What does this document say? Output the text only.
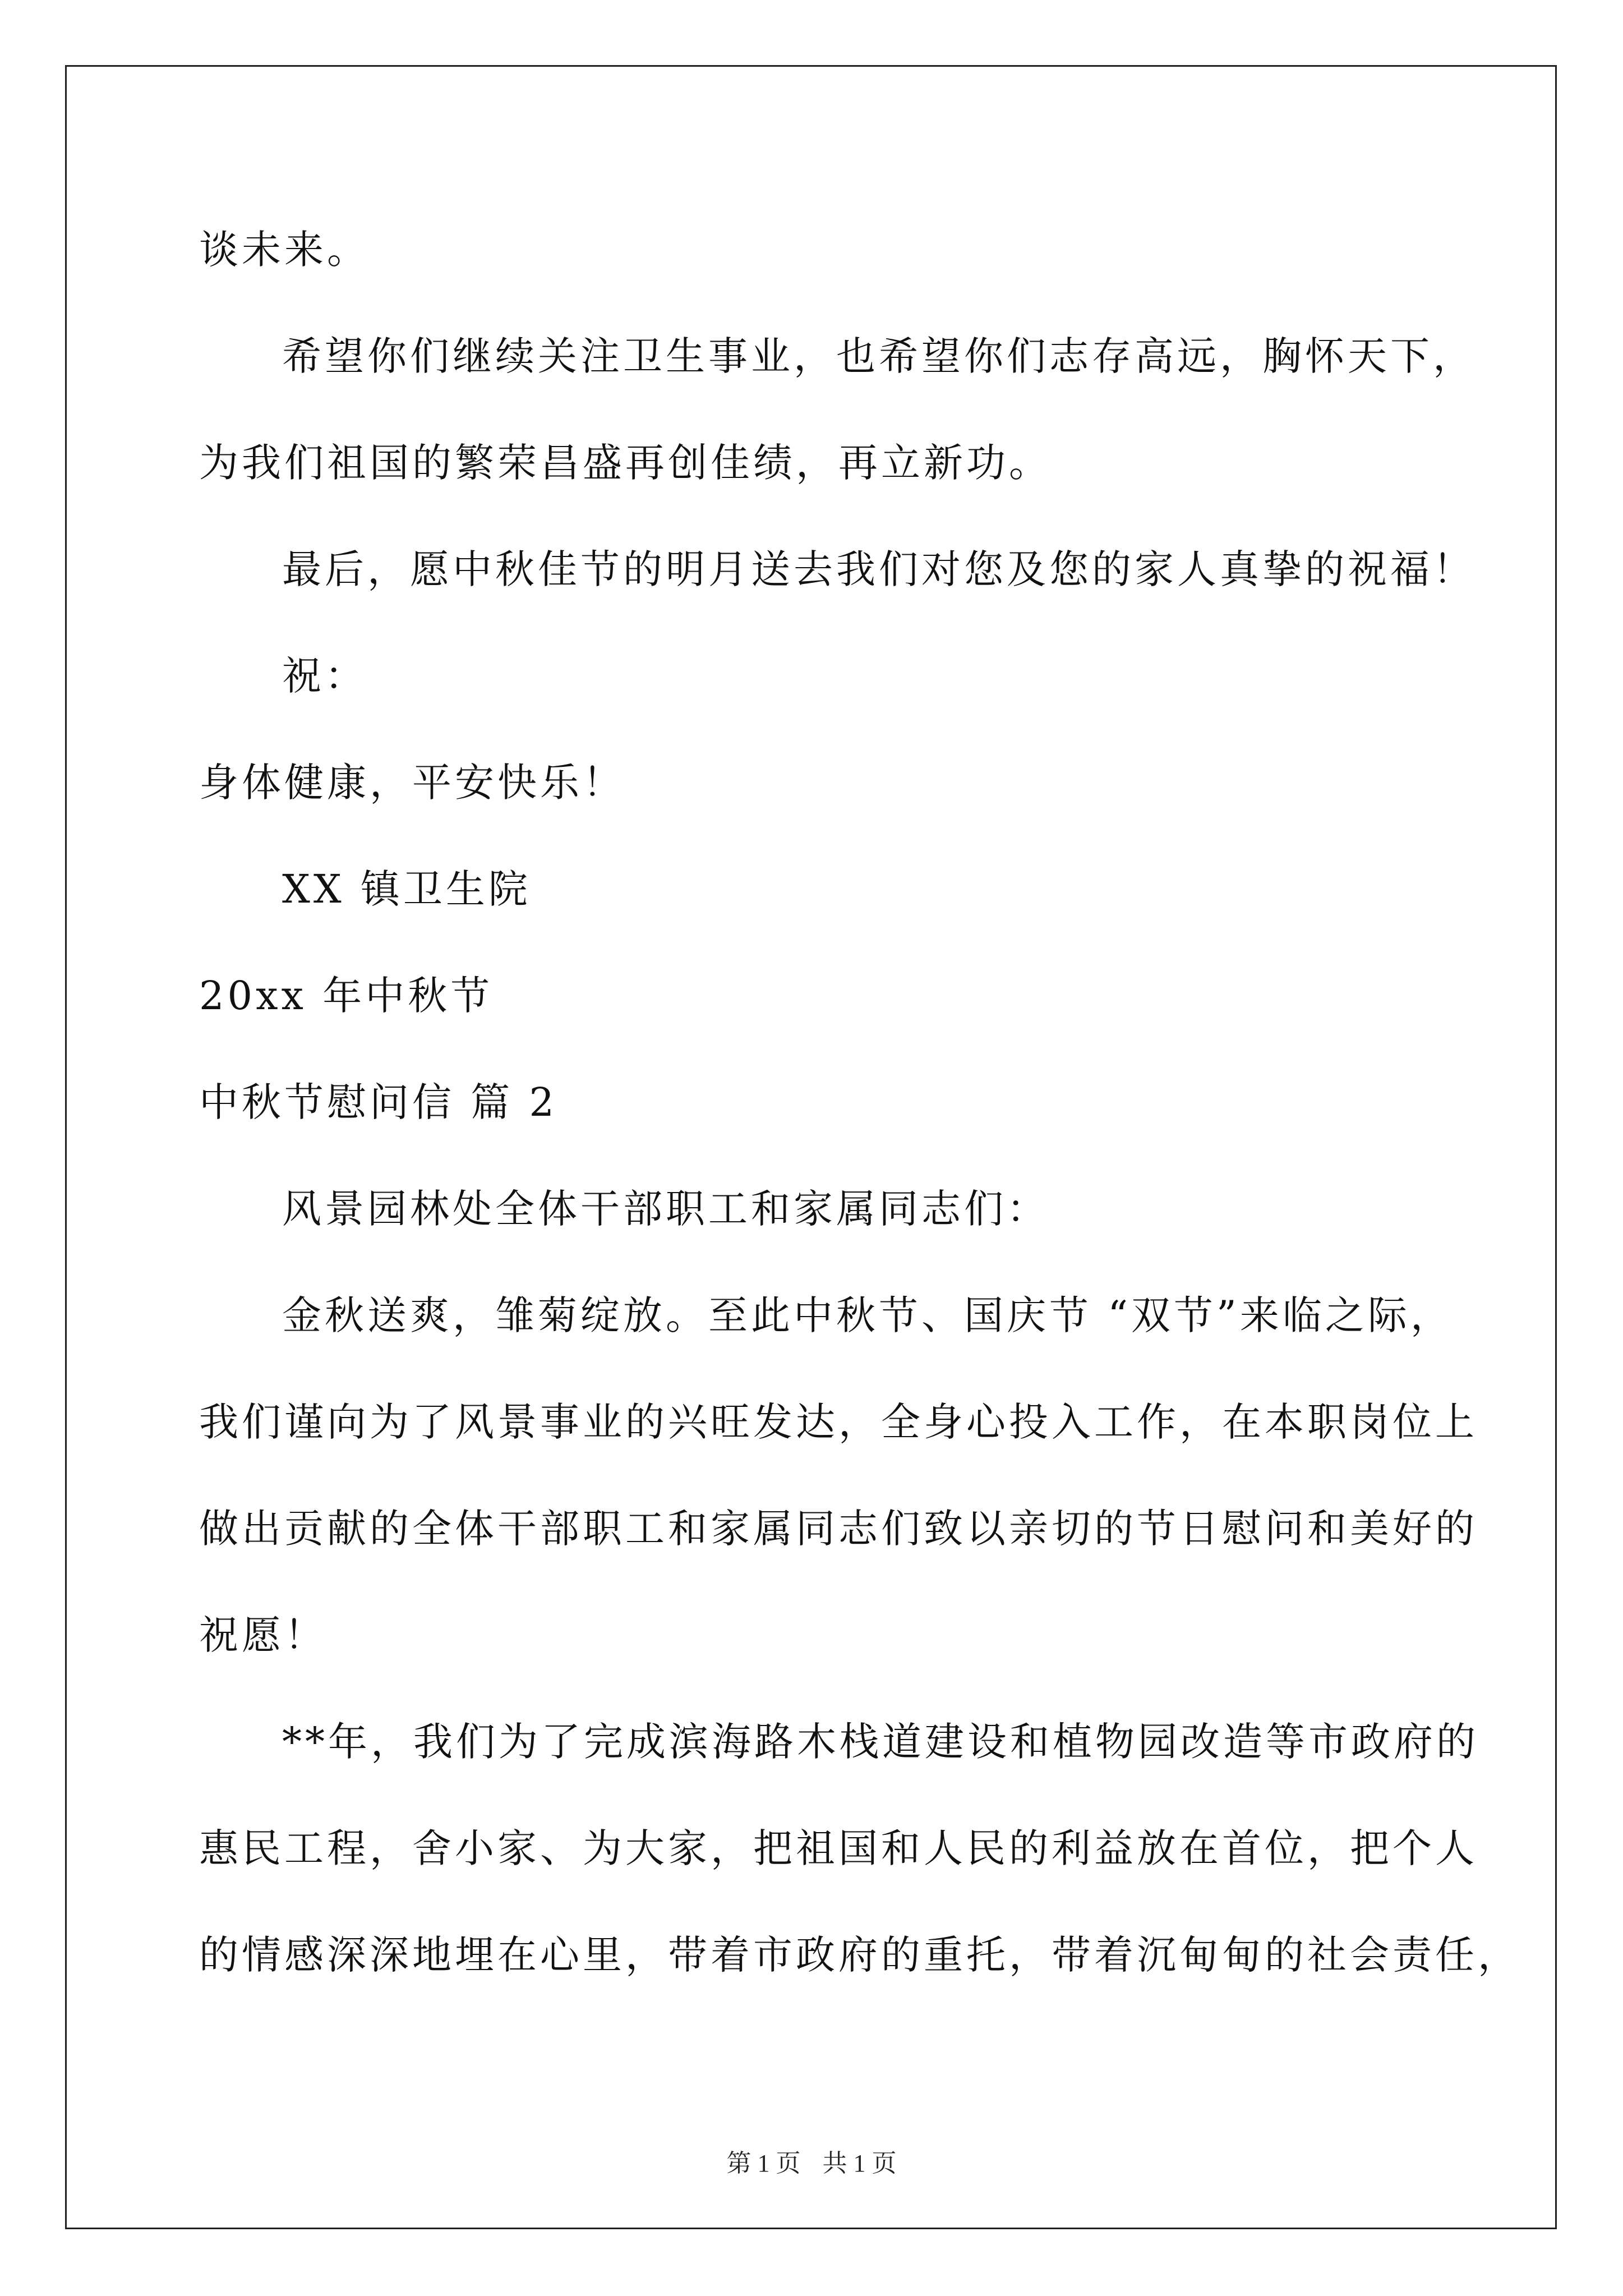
谈未来。
希望你们继续关注卫生事业，也希望你们志存高远，胸怀天下，
为我们祖国的繁荣昌盛再创佳绩，再立新功。
最后，愿中秋佳节的明月送去我们对您及您的家人真挚的祝福！
祝：
身体健康，平安快乐！
XX 镇卫生院
20xx 年中秋节
中秋节慰问信 篇 2
风景园林处全体干部职工和家属同志们：
金秋送爽，雏菊绽放。至此中秋节、国庆节 “双节”来临之际，
我们谨向为了风景事业的兴旺发达，全身心投入工作，在本职岗位上
做出贡献的全体干部职工和家属同志们致以亲切的节日慰问和美好的
祝愿！
**年，我们为了完成滨海路木栈道建设和植物园改造等市政府的
惠民工程，舍小家、为大家，把祖国和人民的利益放在首位，把个人
的情感深深地埋在心里，带着市政府的重托，带着沉甸甸的社会责任，
第 1 页 共 1 页
